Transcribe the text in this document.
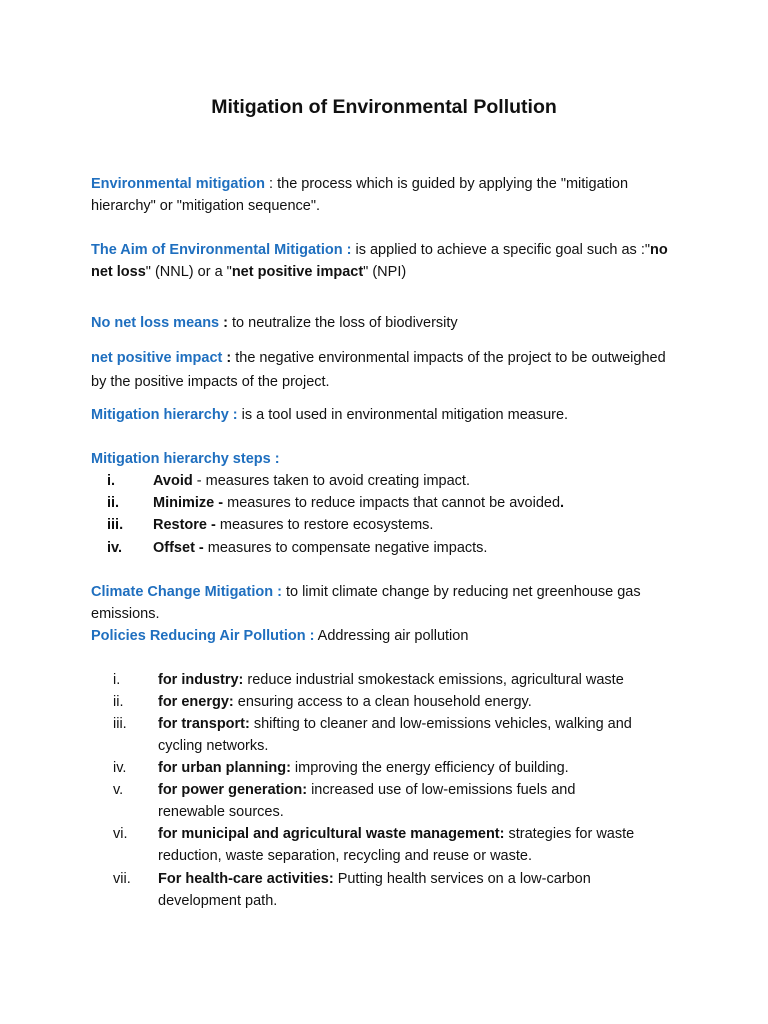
Mitigation of Environmental Pollution
Environmental mitigation : the process which is guided by applying the "mitigation hierarchy" or "mitigation sequence".
The Aim of Environmental Mitigation : is applied to achieve a specific goal such as :"no net loss" (NNL) or a "net positive impact" (NPI)
No net loss means : to neutralize the loss of biodiversity
net positive impact : the negative environmental impacts of the project to be outweighed by the positive impacts of the project.
Mitigation hierarchy : is a tool used in environmental mitigation measure.
Mitigation hierarchy steps :
i.	Avoid - measures taken to avoid creating impact.
ii. Minimize - measures to reduce impacts that cannot be avoided.
iii. Restore - measures to restore ecosystems.
iv. Offset - measures to compensate negative impacts.
Climate Change Mitigation : to limit climate change by reducing net greenhouse gas emissions.
Policies Reducing Air Pollution : Addressing air pollution
i.	for industry: reduce industrial smokestack emissions, agricultural waste
ii. for energy: ensuring access to a clean household energy.
iii. for transport: shifting to cleaner and low-emissions vehicles, walking and cycling networks.
iv. for urban planning: improving the energy efficiency of building.
v. for power generation: increased use of low-emissions fuels and renewable sources.
vi. for municipal and agricultural waste management: strategies for waste reduction, waste separation, recycling and reuse or waste.
vii. For health-care activities: Putting health services on a low-carbon development path.
